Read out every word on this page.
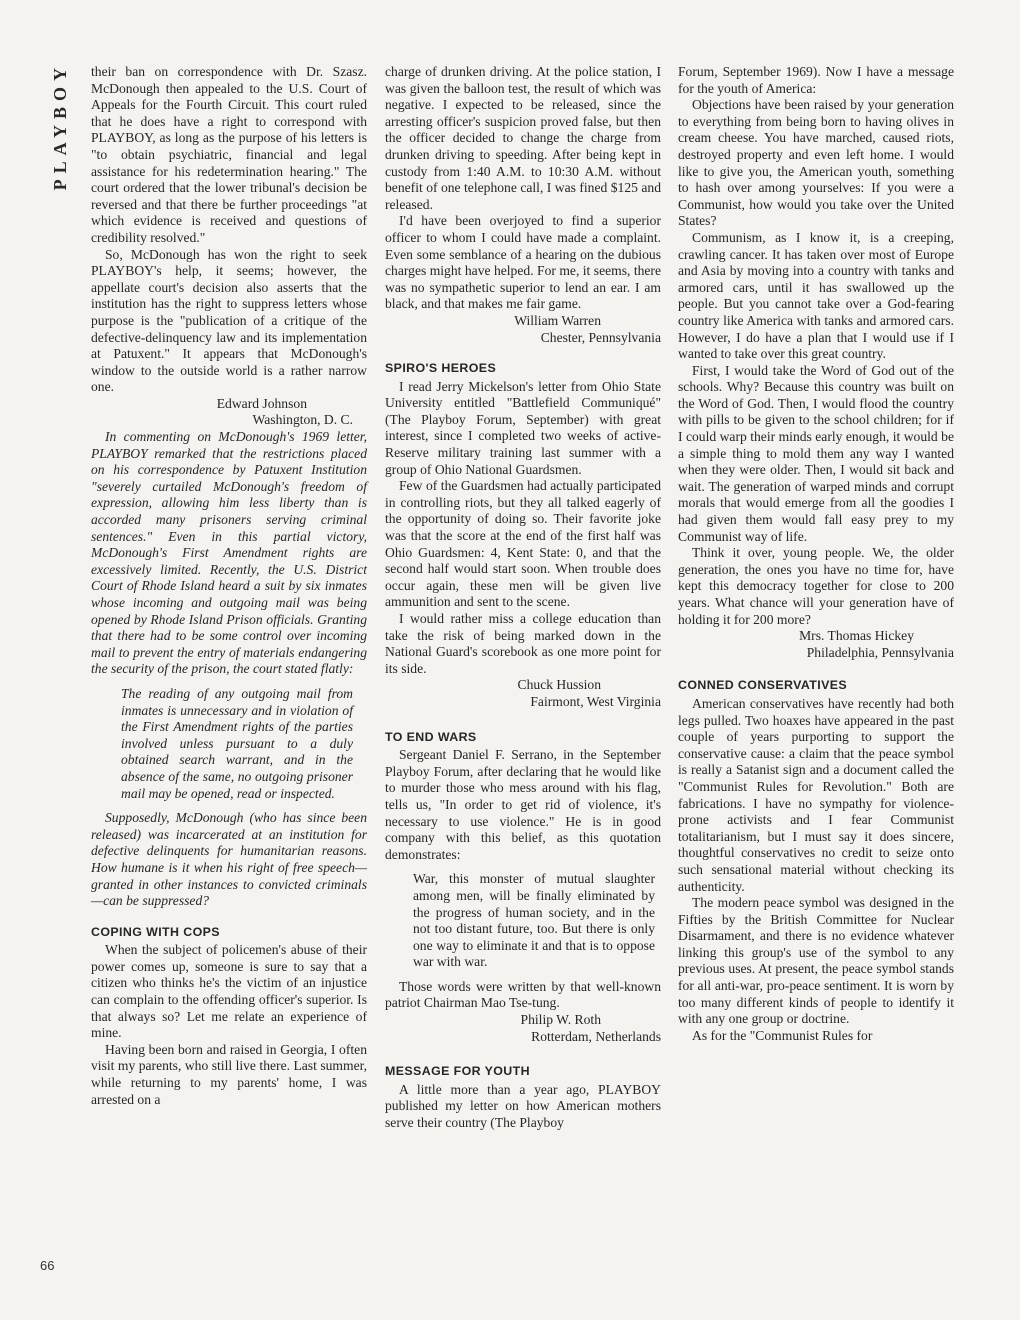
PLAYBOY
66

their ban on correspondence with Dr. Szasz. McDonough then appealed to the U.S. Court of Appeals for the Fourth Circuit. This court ruled that he does have a right to correspond with PLAYBOY, as long as the purpose of his letters is "to obtain psychiatric, financial and legal assistance for his redetermination hearing." The court ordered that the lower tribunal's decision be reversed and that there be further proceedings "at which evidence is received and questions of credibility resolved."

So, McDonough has won the right to seek PLAYBOY's help, it seems; however, the appellate court's decision also asserts that the institution has the right to suppress letters whose purpose is the "publication of a critique of the defective-delinquency law and its implementation at Patuxent." It appears that McDonough's window to the outside world is a rather narrow one.

Edward Johnson

Washington, D. C.

In commenting on McDonough's 1969 letter, PLAYBOY remarked that the restrictions placed on his correspondence by Patuxent Institution "severely curtailed McDonough's freedom of expression, allowing him less liberty than is accorded many prisoners serving criminal sentences." Even in this partial victory, McDonough's First Amendment rights are excessively limited. Recently, the U.S. District Court of Rhode Island heard a suit by six inmates whose incoming and outgoing mail was being opened by Rhode Island Prison officials. Granting that there had to be some control over incoming mail to prevent the entry of materials endangering the security of the prison, the court stated flatly:

The reading of any outgoing mail from inmates is unnecessary and in violation of the First Amendment rights of the parties involved unless pursuant to a duly obtained search warrant, and in the absence of the same, no outgoing prisoner mail may be opened, read or inspected.

Supposedly, McDonough (who has since been released) was incarcerated at an institution for defective delinquents for humanitarian reasons. How humane is it when his right of free speech—granted in other instances to convicted criminals—can be suppressed?

COPING WITH COPS

When the subject of policemen's abuse of their power comes up, someone is sure to say that a citizen who thinks he's the victim of an injustice can complain to the offending officer's superior. Is that always so? Let me relate an experience of mine.

Having been born and raised in Georgia, I often visit my parents, who still live there. Last summer, while returning to my parents' home, I was arrested on a

charge of drunken driving. At the police station, I was given the balloon test, the result of which was negative. I expected to be released, since the arresting officer's suspicion proved false, but then the officer decided to change the charge from drunken driving to speeding. After being kept in custody from 1:40 A.M. to 10:30 A.M. without benefit of one telephone call, I was fined $125 and released.

I'd have been overjoyed to find a superior officer to whom I could have made a complaint. Even some semblance of a hearing on the dubious charges might have helped. For me, it seems, there was no sympathetic superior to lend an ear. I am black, and that makes me fair game.

William Warren

Chester, Pennsylvania

SPIRO'S HEROES

I read Jerry Mickelson's letter from Ohio State University entitled "Battlefield Communiqué" (The Playboy Forum, September) with great interest, since I completed two weeks of active-Reserve military training last summer with a group of Ohio National Guardsmen.

Few of the Guardsmen had actually participated in controlling riots, but they all talked eagerly of the opportunity of doing so. Their favorite joke was that the score at the end of the first half was Ohio Guardsmen: 4, Kent State: 0, and that the second half would start soon. When trouble does occur again, these men will be given live ammunition and sent to the scene.

I would rather miss a college education than take the risk of being marked down in the National Guard's scorebook as one more point for its side.

Chuck Hussion

Fairmont, West Virginia

TO END WARS

Sergeant Daniel F. Serrano, in the September Playboy Forum, after declaring that he would like to murder those who mess around with his flag, tells us, "In order to get rid of violence, it's necessary to use violence." He is in good company with this belief, as this quotation demonstrates:

War, this monster of mutual slaughter among men, will be finally eliminated by the progress of human society, and in the not too distant future, too. But there is only one way to eliminate it and that is to oppose war with war.

Those words were written by that well-known patriot Chairman Mao Tse-tung.

Philip W. Roth

Rotterdam, Netherlands

MESSAGE FOR YOUTH

A little more than a year ago, PLAYBOY published my letter on how American mothers serve their country (The Playboy

Forum, September 1969). Now I have a message for the youth of America:

Objections have been raised by your generation to everything from being born to having olives in cream cheese. You have marched, caused riots, destroyed property and even left home. I would like to give you, the American youth, something to hash over among yourselves: If you were a Communist, how would you take over the United States?

Communism, as I know it, is a creeping, crawling cancer. It has taken over most of Europe and Asia by moving into a country with tanks and armored cars, until it has swallowed up the people. But you cannot take over a God-fearing country like America with tanks and armored cars. However, I do have a plan that I would use if I wanted to take over this great country.

First, I would take the Word of God out of the schools. Why? Because this country was built on the Word of God. Then, I would flood the country with pills to be given to the school children; for if I could warp their minds early enough, it would be a simple thing to mold them any way I wanted when they were older. Then, I would sit back and wait. The generation of warped minds and corrupt morals that would emerge from all the goodies I had given them would fall easy prey to my Communist way of life.

Think it over, young people. We, the older generation, the ones you have no time for, have kept this democracy together for close to 200 years. What chance will your generation have of holding it for 200 more?

Mrs. Thomas Hickey

Philadelphia, Pennsylvania

CONNED CONSERVATIVES

American conservatives have recently had both legs pulled. Two hoaxes have appeared in the past couple of years purporting to support the conservative cause: a claim that the peace symbol is really a Satanist sign and a document called the "Communist Rules for Revolution." Both are fabrications. I have no sympathy for violence-prone activists and I fear Communist totalitarianism, but I must say it does sincere, thoughtful conservatives no credit to seize onto such sensational material without checking its authenticity.

The modern peace symbol was designed in the Fifties by the British Committee for Nuclear Disarmament, and there is no evidence whatever linking this group's use of the symbol to any previous uses. At present, the peace symbol stands for all anti-war, pro-peace sentiment. It is worn by too many different kinds of people to identify it with any one group or doctrine.

As for the "Communist Rules for
